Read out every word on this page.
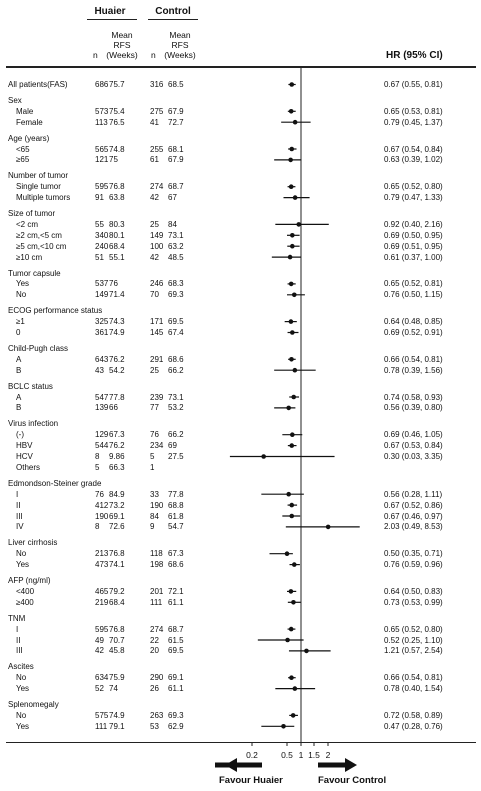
Huaier	Control
n
Mean
RFS
(Weeks) n
Mean
RFS
(Weeks)	HR (95% CI)
0.2	0.5 1 1.5 2
All patients(FAS)	686 75.7	316 68.5	0.67 (0.55, 0.81)
Sex
Male	573 75.4	275 67.9	0.65 (0.53, 0.81)
Female	113 76.5	41 72.7	0.79 (0.45, 1.37)
Age (years)
<65	565 74.8	255 68.1	0.67 (0.54, 0.84)
≥65	121 75	61 67.9	0.63 (0.39, 1.02)
Number of tumor
Single tumor	595 76.8	274 68.7	0.65 (0.52, 0.80)
Multiple tumors	91 63.8	42 67	0.79 (0.47, 1.33)
Size of tumor
<2 cm	55 80.3	25 84	0.92 (0.40, 2.16)
≥2 cm,<5 cm	340 80.1	149 73.1	0.69 (0.50, 0.95)
≥5 cm,<10 cm	240 68.4	100 63.2	0.69 (0.51, 0.95)
≥10 cm	51 55.1	42 48.5	0.61 (0.37, 1.00)
Tumor capsule
Yes	537 76	246 68.3	0.65 (0.52, 0.81)
No	149 71.4	70 69.3	0.76 (0.50, 1.15)
ECOG performance status
≥1	325 74.3	171 69.5	0.64 (0.48, 0.85)
0	361 74.9	145 67.4	0.69 (0.52, 0.91)
Child-Pugh class
A	643 76.2	291 68.6	0.66 (0.54, 0.81)
B	43 54.2	25 66.2	0.78 (0.39, 1.56)
BCLC status
A	547 77.8	239 73.1	0.74 (0.58, 0.93)
B	139 66	77 53.2	0.56 (0.39, 0.80)
Virus infection
(-)	129 67.3	76 66.2	0.69 (0.46, 1.05)
HBV	544 76.2	234 69	0.67 (0.53, 0.84)
HCV	8 9.86	5 27.5	0.30 (0.03, 3.35)
Others	5 66.3	1
Edmondson-Steiner grade
I	76 84.9	33 77.8	0.56 (0.28, 1.11)
II	412 73.2	190 68.8	0.67 (0.52, 0.86)
III	190 69.1	84 61.8	0.67 (0.46, 0.97)
IV	8 72.6	9 54.7	2.03 (0.49, 8.53)
Liver cirrhosis
No	213 76.8	118 67.3	0.50 (0.35, 0.71)
Yes	473 74.1	198 68.6	0.76 (0.59, 0.96)
AFP (ng/ml)
<400	465 79.2	201 72.1	0.64 (0.50, 0.83)
≥400	219 68.4	111 61.1	0.73 (0.53, 0.99)
TNM
I	595 76.8	274 68.7	0.65 (0.52, 0.80)
II	49 70.7	22 61.5	0.52 (0.25, 1.10)
III	42 45.8	20 69.5	1.21 (0.57, 2.54)
Ascites
No	634 75.9	290 69.1	0.66 (0.54, 0.81)
Yes	52 74	26 61.1	0.78 (0.40, 1.54)
Splenomegaly
No	575 74.9	263 69.3	0.72 (0.58, 0.89)
Yes	111 79.1	53 62.9	0.47 (0.28, 0.76)
Favour Huaier	Favour Control
